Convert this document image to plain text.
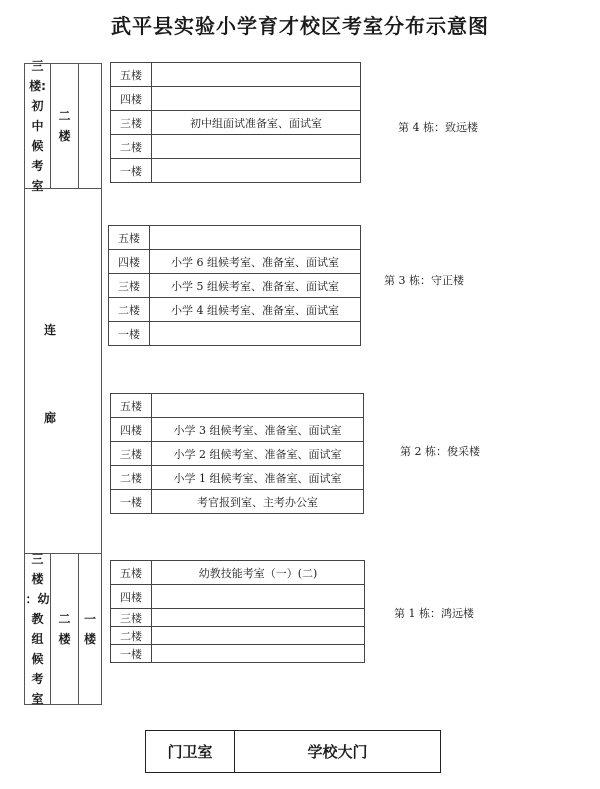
武平县实验小学育才校区考室分布示意图
三
楼:
初
中
候
考
室
二
楼
连
廊
三
楼
：幼
教
组
候
考
室
二
楼
一
楼
五楼	
四楼	
三楼	初中组面试准备室、面试室
二楼	
一楼	
第 4 栋：致远楼
五楼	
四楼	小学 6 组候考室、准备室、面试室
三楼	小学 5 组候考室、准备室、面试室
二楼	小学 4 组候考室、准备室、面试室
一楼	
第 3 栋：守正楼
五楼	
四楼	小学 3 组候考室、准备室、面试室
三楼	小学 2 组候考室、准备室、面试室
二楼	小学 1 组候考室、准备室、面试室
一楼	考官报到室、主考办公室
第 2 栋：俊采楼
五楼	幼教技能考室（一）(二)
四楼	
三楼	
二楼	
一楼	
第 1 栋：鸿远楼
门卫室	学校大门
